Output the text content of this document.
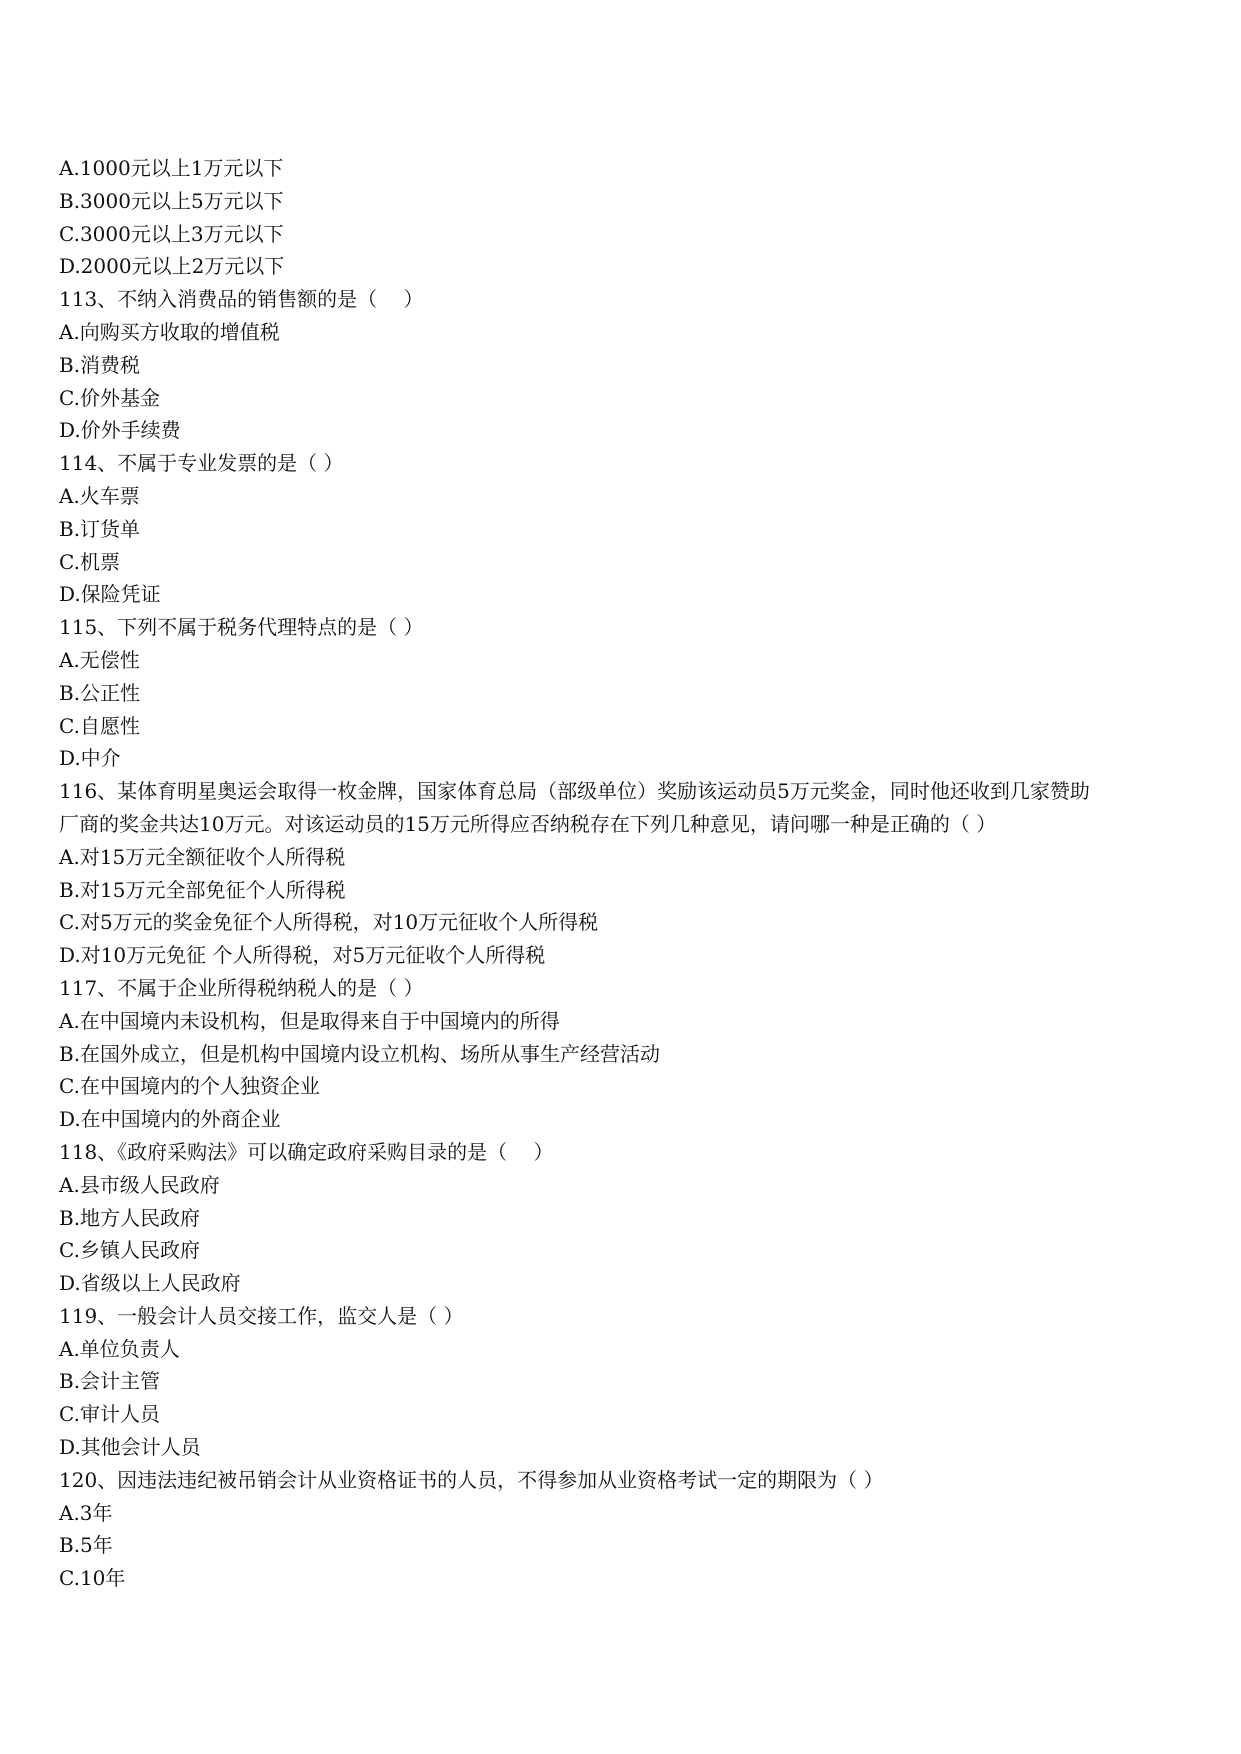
A.1000元以上1万元以下
B.3000元以上5万元以下
C.3000元以上3万元以下
D.2000元以上2万元以下
113、不纳入消费品的销售额的是（　 ）
A.向购买方收取的增值税
B.消费税
C.价外基金
D.价外手续费
114、不属于专业发票的是（ ）
A.火车票
B.订货单
C.机票
D.保险凭证
115、下列不属于税务代理特点的是（ ）
A.无偿性
B.公正性
C.自愿性
D.中介
116、某体育明星奥运会取得一枚金牌，国家体育总局（部级单位）奖励该运动员5万元奖金，同时他还收到几家赞助
厂商的奖金共达10万元。对该运动员的15万元所得应否纳税存在下列几种意见，请问哪一种是正确的（ ）
A.对15万元全额征收个人所得税
B.对15万元全部免征个人所得税
C.对5万元的奖金免征个人所得税，对10万元征收个人所得税
D.对10万元免征 个人所得税，对5万元征收个人所得税
117、不属于企业所得税纳税人的是（ ）
A.在中国境内未设机构，但是取得来自于中国境内的所得
B.在国外成立，但是机构中国境内设立机构、场所从事生产经营活动
C.在中国境内的个人独资企业
D.在中国境内的外商企业
118、《政府采购法》可以确定政府采购目录的是（　 ）
A.县市级人民政府
B.地方人民政府
C.乡镇人民政府
D.省级以上人民政府
119、一般会计人员交接工作，监交人是（ ）
A.单位负责人
B.会计主管
C.审计人员
D.其他会计人员
120、因违法违纪被吊销会计从业资格证书的人员，不得参加从业资格考试一定的期限为（ ）
A.3年
B.5年
C.10年
